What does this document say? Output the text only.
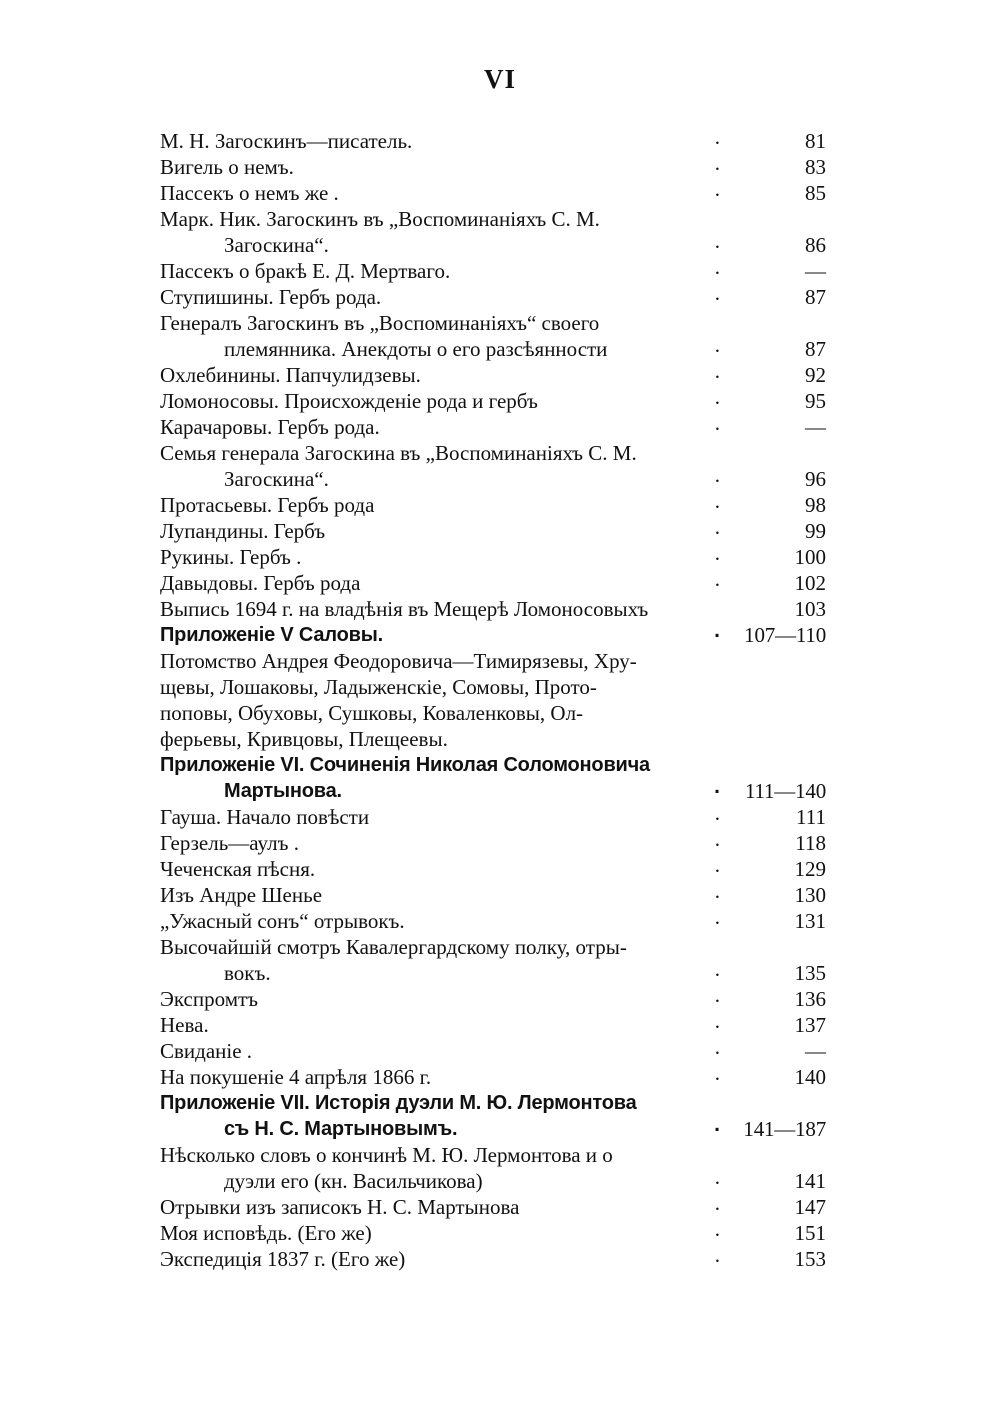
VI
М. Н. Загоскинъ—писатель.	.	81
Вигель о немъ.	.	83
Пассекъ о немъ же .	.	85
Марк. Ник. Загоскинъ въ „Воспоминаніяхъ С. М.
Загоскина“.	.	86
Пассекъ о бракѣ Е. Д. Мертваго.	.	—
Ступишины. Гербъ рода.	.	87
Генералъ Загоскинъ въ „Воспоминаніяхъ“ своего
племянника. Анекдоты о его разсѣянности	.	87
Охлебинины. Папчулидзевы.	.	92
Ломоносовы. Происхожденіе рода и гербъ	.	95
Карачаровы. Гербъ рода.	.	—
Семья генерала Загоскина въ „Воспоминаніяхъ С. М.
Загоскина“.	.	96
Протасьевы. Гербъ рода	.	98
Лупандины. Гербъ	.	99
Рукины. Гербъ .	.	100
Давыдовы. Гербъ рода	.	102
Выпись 1694 г. на владѣнія въ Мещерѣ Ломоносовыхъ	103
Приложеніе V Саловы.	. 107—110
Потомство Андрея Феодоровича—Тимирязевы, Хру-
щевы, Лошаковы, Ладыженскіе, Сомовы, Прото-
поповы, Обуховы, Сушковы, Коваленковы, Ол-
ферьевы, Кривцовы, Плещеевы.
Приложеніе VI. Сочиненія Николая Соломоновича
Мартынова.	. 111—140
Гауша. Начало повѣсти	.	111
Герзель—аулъ .	.	118
Чеченская пѣсня.	.	129
Изъ Андре Шенье	.	130
„Ужасный сонъ“ отрывокъ.	.	131
Высочайшій смотръ Кавалергардскому полку, отры-
вокъ.	.	135
Экспромтъ	.	136
Нева.	.	137
Свиданіе .	.	—
На покушеніе 4 апрѣля 1866 г.	.	140
Приложеніе VII. Исторія дуэли М. Ю. Лермонтова
съ Н. С. Мартыновымъ.	. 141—187
Нѣсколько словъ о кончинѣ М. Ю. Лермонтова и о
дуэли его (кн. Васильчикова)	.	141
Отрывки изъ записокъ Н. С. Мартынова	.	147
Моя исповѣдь. (Его же)	.	151
Экспедиція 1837 г. (Его же)	.	153
